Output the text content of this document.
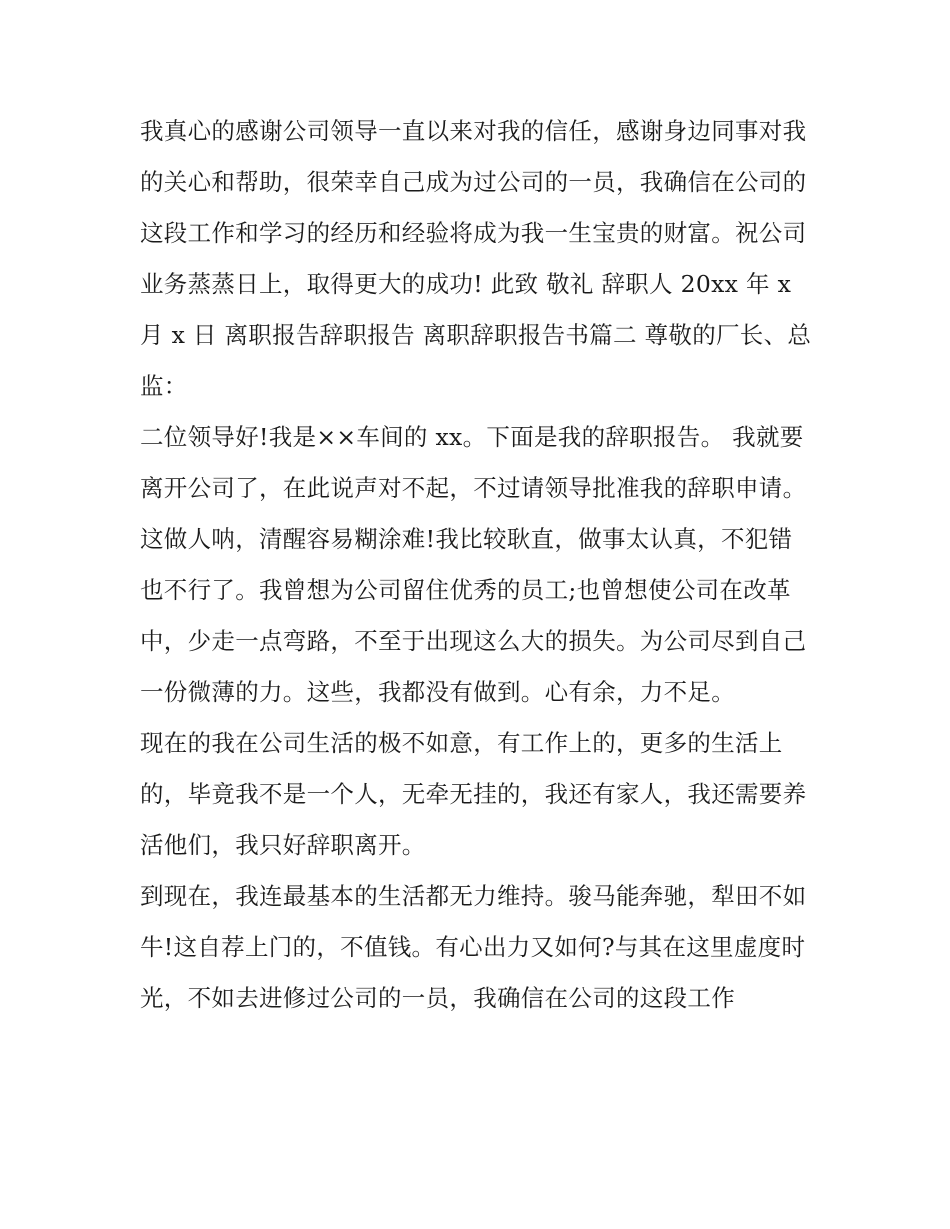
我真心的感谢公司领导一直以来对我的信任，感谢身边同事对我的关心和帮助，很荣幸自己成为过公司的一员，我确信在公司的这段工作和学习的经历和经验将成为我一生宝贵的财富。祝公司业务蒸蒸日上，取得更大的成功! 此致 敬礼 辞职人 20xx 年 x 月 x 日 离职报告辞职报告 离职辞职报告书篇二 尊敬的厂长、总监：

二位领导好!我是××车间的 xx。下面是我的辞职报告。 我就要离开公司了，在此说声对不起，不过请领导批准我的辞职申请。

这做人呐，清醒容易糊涂难!我比较耿直，做事太认真，不犯错也不行了。我曾想为公司留住优秀的员工;也曾想使公司在改革中，少走一点弯路，不至于出现这么大的损失。为公司尽到自己一份微薄的力。这些，我都没有做到。心有余，力不足。

现在的我在公司生活的极不如意，有工作上的，更多的生活上的，毕竟我不是一个人，无牵无挂的，我还有家人，我还需要养活他们，我只好辞职离开。

到现在，我连最基本的生活都无力维持。骏马能奔驰，犁田不如牛!这自荐上门的，不值钱。有心出力又如何?与其在这里虚度时光，不如去进修过公司的一员，我确信在公司的这段工作
